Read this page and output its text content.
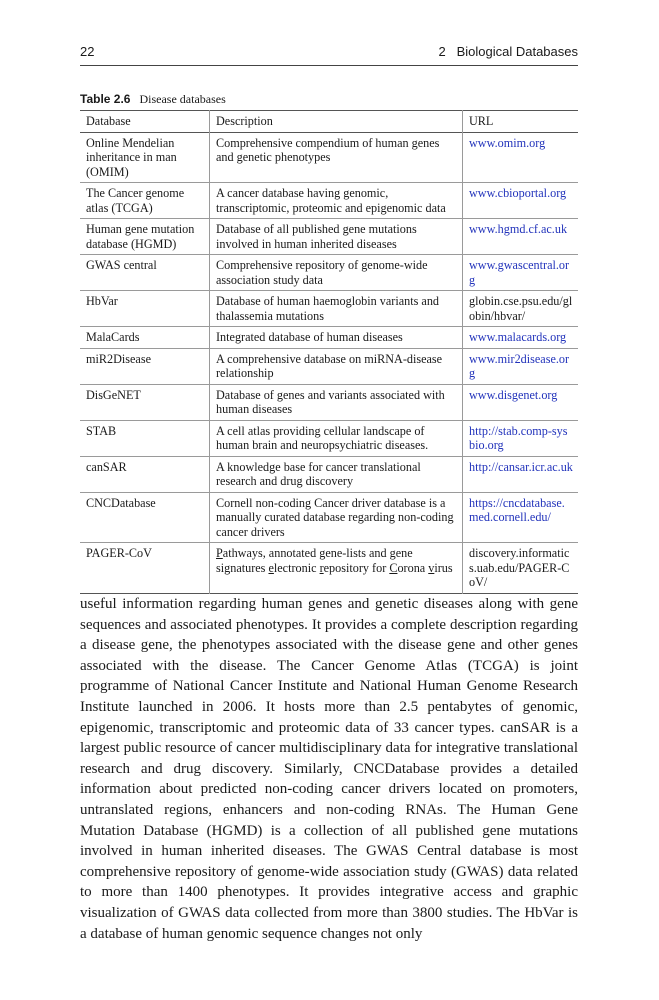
22	2   Biological Databases
Table 2.6 Disease databases
Database	Description	URL
Online Mendelian inheritance in man (OMIM)	Comprehensive compendium of human genes and genetic phenotypes	www.omim.org
The Cancer genome atlas (TCGA)	A cancer database having genomic, transcriptomic, proteomic and epigenomic data	www.cbioportal.org
Human gene mutation database (HGMD)	Database of all published gene mutations involved in human inherited diseases	www.hgmd.cf.ac.uk
GWAS central	Comprehensive repository of genome-wide association study data	www.gwascentral.org
HbVar	Database of human haemoglobin variants and thalassemia mutations	globin.cse.psu.edu/globin/hbvar/
MalaCards	Integrated database of human diseases	www.malacards.org
miR2Disease	A comprehensive database on miRNA-disease relationship	www.mir2disease.org
DisGeNET	Database of genes and variants associated with human diseases	www.disgenet.org
STAB	A cell atlas providing cellular landscape of human brain and neuropsychiatric diseases.	http://stab.comp-sysbio.org
canSAR	A knowledge base for cancer translational research and drug discovery	http://cansar.icr.ac.uk
CNCDatabase	Cornell non-coding Cancer driver database is a manually curated database regarding non-coding cancer drivers	https://cncdatabase.med.cornell.edu/
PAGER-CoV	Pathways, annotated gene-lists and gene signatures electronic repository for Corona virus	discovery.informatics.uab.edu/PAGER-CoV/

useful information regarding human genes and genetic diseases along with gene sequences and associated phenotypes. It provides a complete description regarding a disease gene, the phenotypes associated with the disease gene and other genes associated with the disease. The Cancer Genome Atlas (TCGA) is joint programme of National Cancer Institute and National Human Genome Research Institute launched in 2006. It hosts more than 2.5 pentabytes of genomic, epigenomic, transcriptomic and proteomic data of 33 cancer types. canSAR is a largest public resource of cancer multidisciplinary data for integrative translational research and drug discovery. Similarly, CNCDatabase provides a detailed information about predicted non-coding cancer drivers located on promoters, untranslated regions, enhancers and non-coding RNAs. The Human Gene Mutation Database (HGMD) is a collection of all published gene mutations involved in human inherited diseases. The GWAS Central database is most comprehensive repository of genome-wide association study (GWAS) data related to more than 1400 phenotypes. It provides integrative access and graphic visualization of GWAS data collected from more than 3800 studies. The HbVar is a database of human genomic sequence changes not only
